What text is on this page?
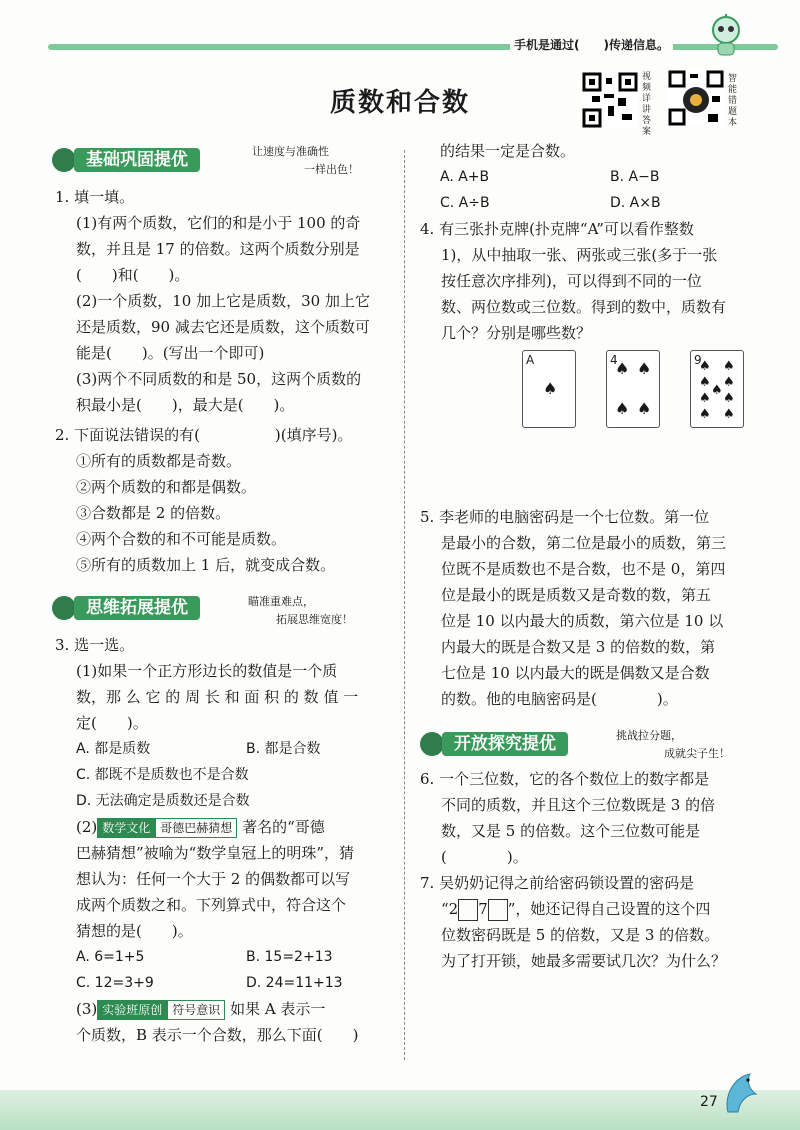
手机是通过(　　)传递信息。
质数和合数
视频详讲答案
智能错题本
基础巩固提优	让速度与准确性
一样出色！
1. 填一填。
(1)有两个质数，它们的和是小于 100 的奇
数，并且是 17 的倍数。这两个质数分别是
(　　)和(　　)。
(2)一个质数，10 加上它是质数，30 加上它
还是质数，90 减去它还是质数，这个质数可
能是(　　)。(写出一个即可)
(3)两个不同质数的和是 50，这两个质数的
积最小是(　　)，最大是(　　)。
2. 下面说法错误的有(　　　　　)(填序号)。
①所有的质数都是奇数。
②两个质数的和都是偶数。
③合数都是 2 的倍数。
④两个合数的和不可能是质数。
⑤所有的质数加上 1 后，就变成合数。
思维拓展提优	瞄准重难点，
拓展思维宽度！
3. 选一选。
(1)如果一个正方形边长的数值是一个质
数，那 么 它 的 周 长 和 面 积 的 数 值 一
定(　　)。
A. 都是质数	B. 都是合数
C. 都既不是质数也不是合数
D. 无法确定是质数还是合数
(2) 数学文化 哥德巴赫猜想 著名的“哥德
巴赫猜想”被喻为“数学皇冠上的明珠”，猜
想认为：任何一个大于 2 的偶数都可以写
成两个质数之和。下列算式中，符合这个
猜想的是(　　)。
A. 6=1+5	B. 15=2+13
C. 12=3+9	D. 24=11+13
(3) 实验班原创 符号意识 如果 A 表示一
个质数，B 表示一个合数，那么下面(　　)
的结果一定是合数。
A. A+B	B. A−B
C. A÷B	D. A×B
4. 有三张扑克牌(扑克牌“A”可以看作整数
1)，从中抽取一张、两张或三张(多于一张
按任意次序排列)，可以得到不同的一位
数、两位数或三位数。得到的数中，质数有
几个？分别是哪些数？
A
♠
4
♠ ♠
♠ ♠
9
♠ ♠
♠ ♠
♠
♠ ♠
♠ ♠
5. 李老师的电脑密码是一个七位数。第一位
是最小的合数，第二位是最小的质数，第三
位既不是质数也不是合数，也不是 0，第四
位是最小的既是质数又是奇数的数，第五
位是 10 以内最大的质数，第六位是 10 以
内最大的既是合数又是 3 的倍数的数，第
七位是 10 以内最大的既是偶数又是合数
的数。他的电脑密码是(　　　　)。
开放探究提优	挑战拉分题，
成就尖子生！
6. 一个三位数，它的各个数位上的数字都是
不同的质数，并且这个三位数既是 3 的倍
数，又是 5 的倍数。这个三位数可能是
(　　　　)。
7. 吴奶奶记得之前给密码锁设置的密码是
“2 7 ”，她还记得自己设置的这个四
位数密码既是 5 的倍数，又是 3 的倍数。
为了打开锁，她最多需要试几次？为什么？
27
